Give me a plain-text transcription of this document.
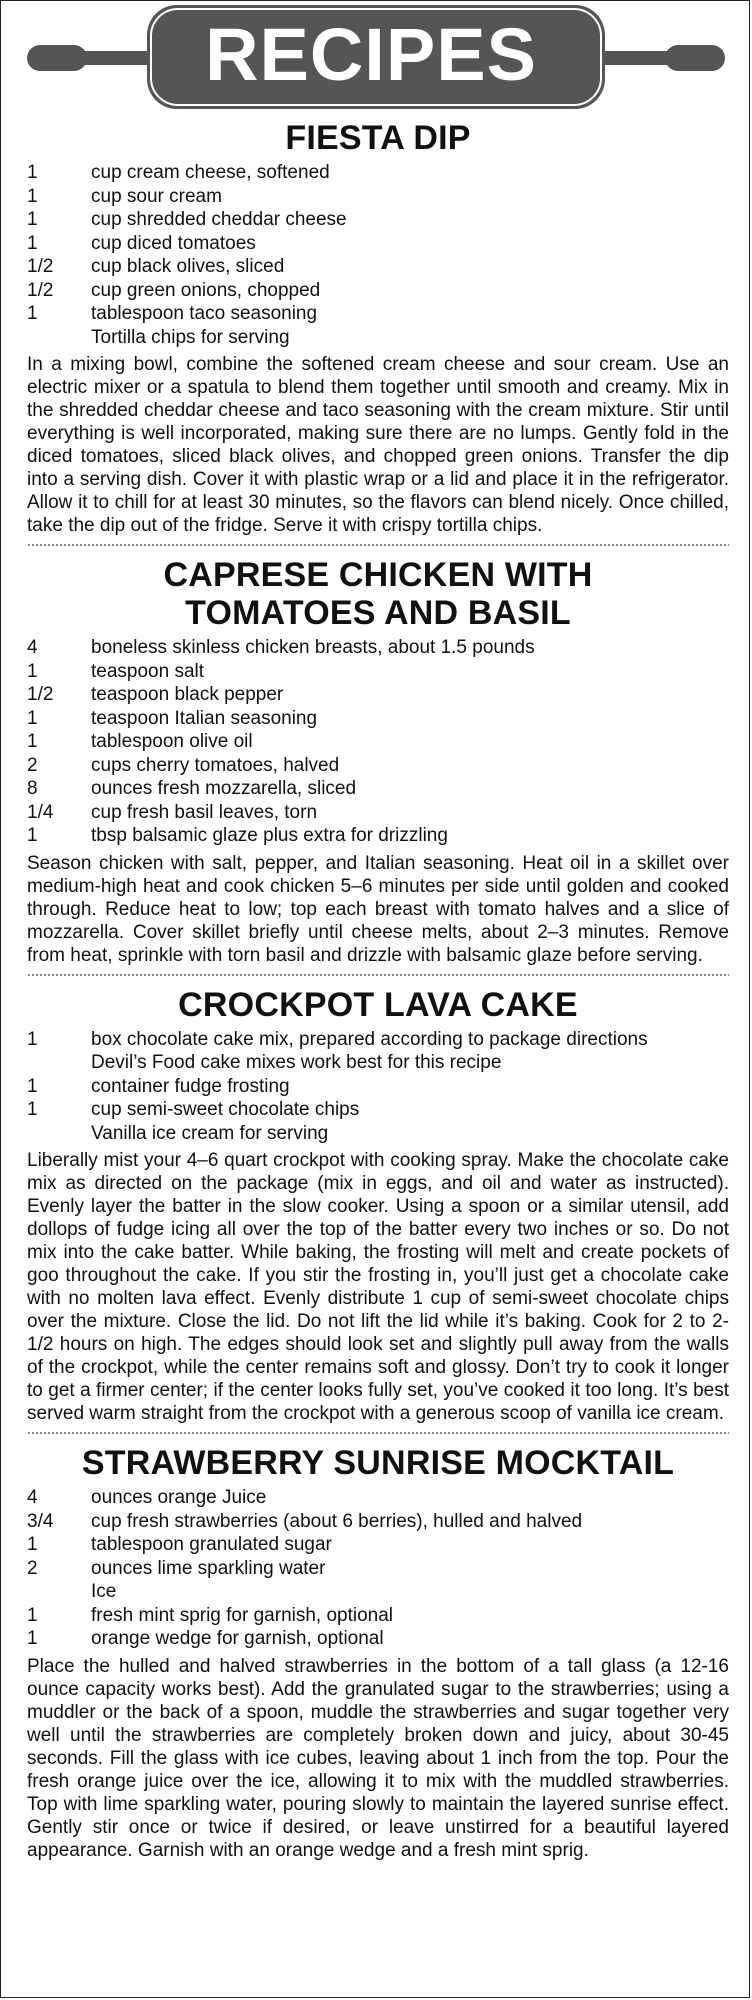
RECIPES
FIESTA DIP
1	cup cream cheese, softened
1	cup sour cream
1	cup shredded cheddar cheese
1	cup diced tomatoes
1/2	cup black olives, sliced
1/2	cup green onions, chopped
1	tablespoon taco seasoning
Tortilla chips for serving

In a mixing bowl, combine the softened cream cheese and sour cream. Use an electric mixer or a spatula to blend them together until smooth and creamy. Mix in the shredded cheddar cheese and taco seasoning with the cream mixture. Stir until everything is well incorporated, making sure there are no lumps. Gently fold in the diced tomatoes, sliced black olives, and chopped green onions. Transfer the dip into a serving dish. Cover it with plastic wrap or a lid and place it in the refrigerator. Allow it to chill for at least 30 minutes, so the flavors can blend nicely. Once chilled, take the dip out of the fridge. Serve it with crispy tortilla chips.

CAPRESE CHICKEN WITH TOMATOES AND BASIL
4	boneless skinless chicken breasts, about 1.5 pounds
1	teaspoon salt
1/2	teaspoon black pepper
1	teaspoon Italian seasoning
1	tablespoon olive oil
2	cups cherry tomatoes, halved
8	ounces fresh mozzarella, sliced
1/4	cup fresh basil leaves, torn
1	tbsp balsamic glaze plus extra for drizzling

Season chicken with salt, pepper, and Italian seasoning. Heat oil in a skillet over medium-high heat and cook chicken 5–6 minutes per side until golden and cooked through. Reduce heat to low; top each breast with tomato halves and a slice of mozzarella. Cover skillet briefly until cheese melts, about 2–3 minutes. Remove from heat, sprinkle with torn basil and drizzle with balsamic glaze before serving.

CROCKPOT LAVA CAKE
1	box chocolate cake mix, prepared according to package directions
Devil’s Food cake mixes work best for this recipe
1	container fudge frosting
1	cup semi-sweet chocolate chips
Vanilla ice cream for serving

Liberally mist your 4–6 quart crockpot with cooking spray. Make the chocolate cake mix as directed on the package (mix in eggs, and oil and water as instructed). Evenly layer the batter in the slow cooker. Using a spoon or a similar utensil, add dollops of fudge icing all over the top of the batter every two inches or so. Do not mix into the cake batter. While baking, the frosting will melt and create pockets of goo throughout the cake. If you stir the frosting in, you’ll just get a chocolate cake with no molten lava effect. Evenly distribute 1 cup of semi-sweet chocolate chips over the mixture. Close the lid. Do not lift the lid while it’s baking. Cook for 2 to 2-1/2 hours on high. The edges should look set and slightly pull away from the walls of the crockpot, while the center remains soft and glossy. Don’t try to cook it longer to get a firmer center; if the center looks fully set, you’ve cooked it too long. It’s best served warm straight from the crockpot with a generous scoop of vanilla ice cream.

STRAWBERRY SUNRISE MOCKTAIL
4	ounces orange Juice
3/4	cup fresh strawberries (about 6 berries), hulled and halved
1	tablespoon granulated sugar
2	ounces lime sparkling water
Ice
1	fresh mint sprig for garnish, optional
1	orange wedge for garnish, optional

Place the hulled and halved strawberries in the bottom of a tall glass (a 12-16 ounce capacity works best). Add the granulated sugar to the strawberries; using a muddler or the back of a spoon, muddle the strawberries and sugar together very well until the strawberries are completely broken down and juicy, about 30-45 seconds. Fill the glass with ice cubes, leaving about 1 inch from the top. Pour the fresh orange juice over the ice, allowing it to mix with the muddled strawberries. Top with lime sparkling water, pouring slowly to maintain the layered sunrise effect. Gently stir once or twice if desired, or leave unstirred for a beautiful layered appearance. Garnish with an orange wedge and a fresh mint sprig.
